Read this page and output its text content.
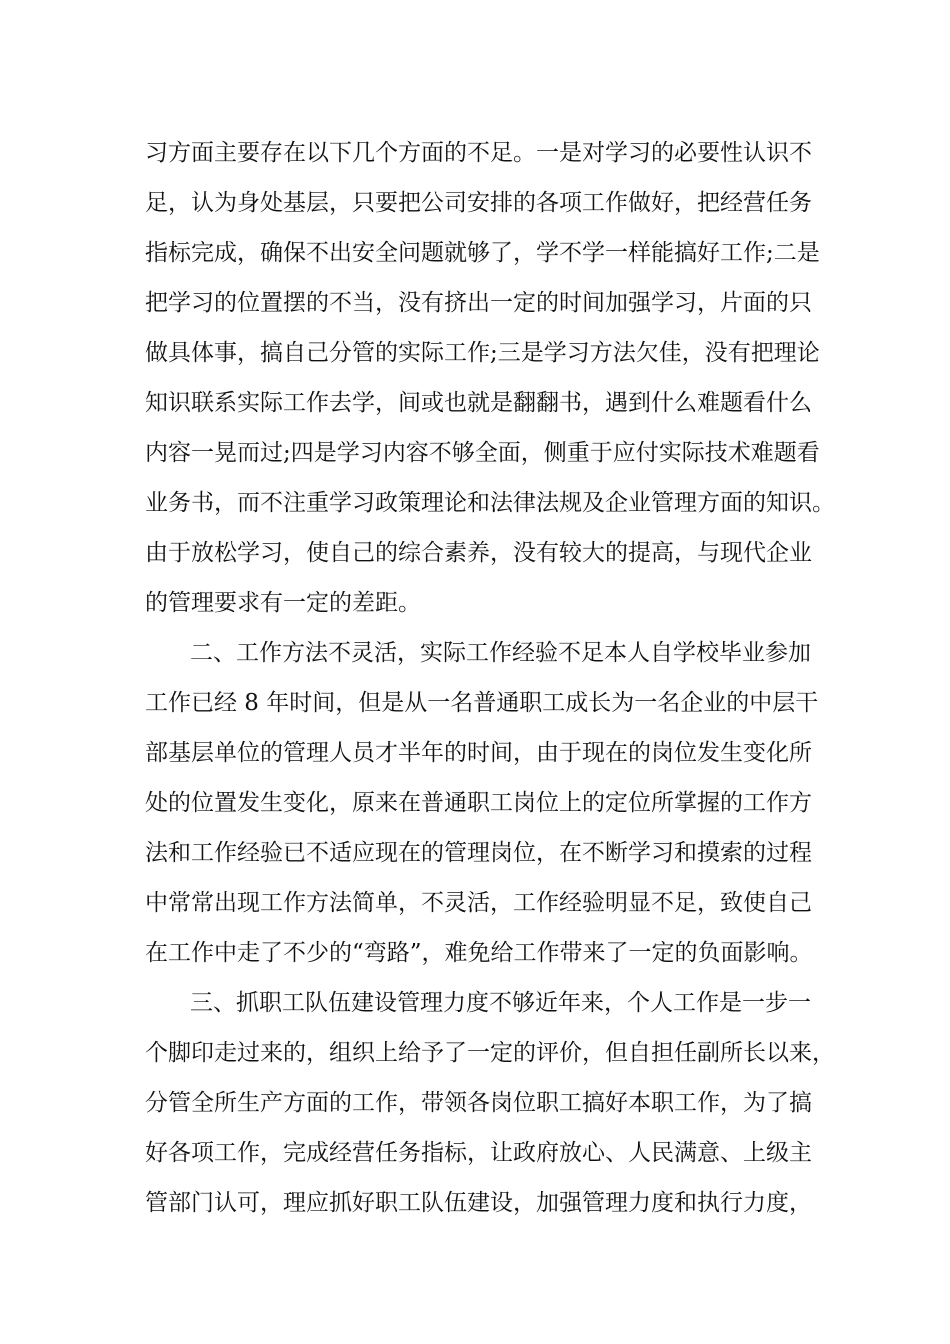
习方面主要存在以下几个方面的不足。一是对学习的必要性认识不
足，认为身处基层，只要把公司安排的各项工作做好，把经营任务
指标完成，确保不出安全问题就够了，学不学一样能搞好工作;二是
把学习的位置摆的不当，没有挤出一定的时间加强学习，片面的只
做具体事，搞自己分管的实际工作;三是学习方法欠佳，没有把理论
知识联系实际工作去学，间或也就是翻翻书，遇到什么难题看什么
内容一晃而过;四是学习内容不够全面，侧重于应付实际技术难题看
业务书，而不注重学习政策理论和法律法规及企业管理方面的知识。
由于放松学习，使自己的综合素养，没有较大的提高，与现代企业
的管理要求有一定的差距。
二、工作方法不灵活，实际工作经验不足本人自学校毕业参加
工作已经 8 年时间，但是从一名普通职工成长为一名企业的中层干
部基层单位的管理人员才半年的时间，由于现在的岗位发生变化所
处的位置发生变化，原来在普通职工岗位上的定位所掌握的工作方
法和工作经验已不适应现在的管理岗位，在不断学习和摸索的过程
中常常出现工作方法简单，不灵活，工作经验明显不足，致使自己
在工作中走了不少的“弯路”，难免给工作带来了一定的负面影响。
三、抓职工队伍建设管理力度不够近年来，个人工作是一步一
个脚印走过来的，组织上给予了一定的评价，但自担任副所长以来，
分管全所生产方面的工作，带领各岗位职工搞好本职工作，为了搞
好各项工作，完成经营任务指标，让政府放心、人民满意、上级主
管部门认可，理应抓好职工队伍建设，加强管理力度和执行力度，
